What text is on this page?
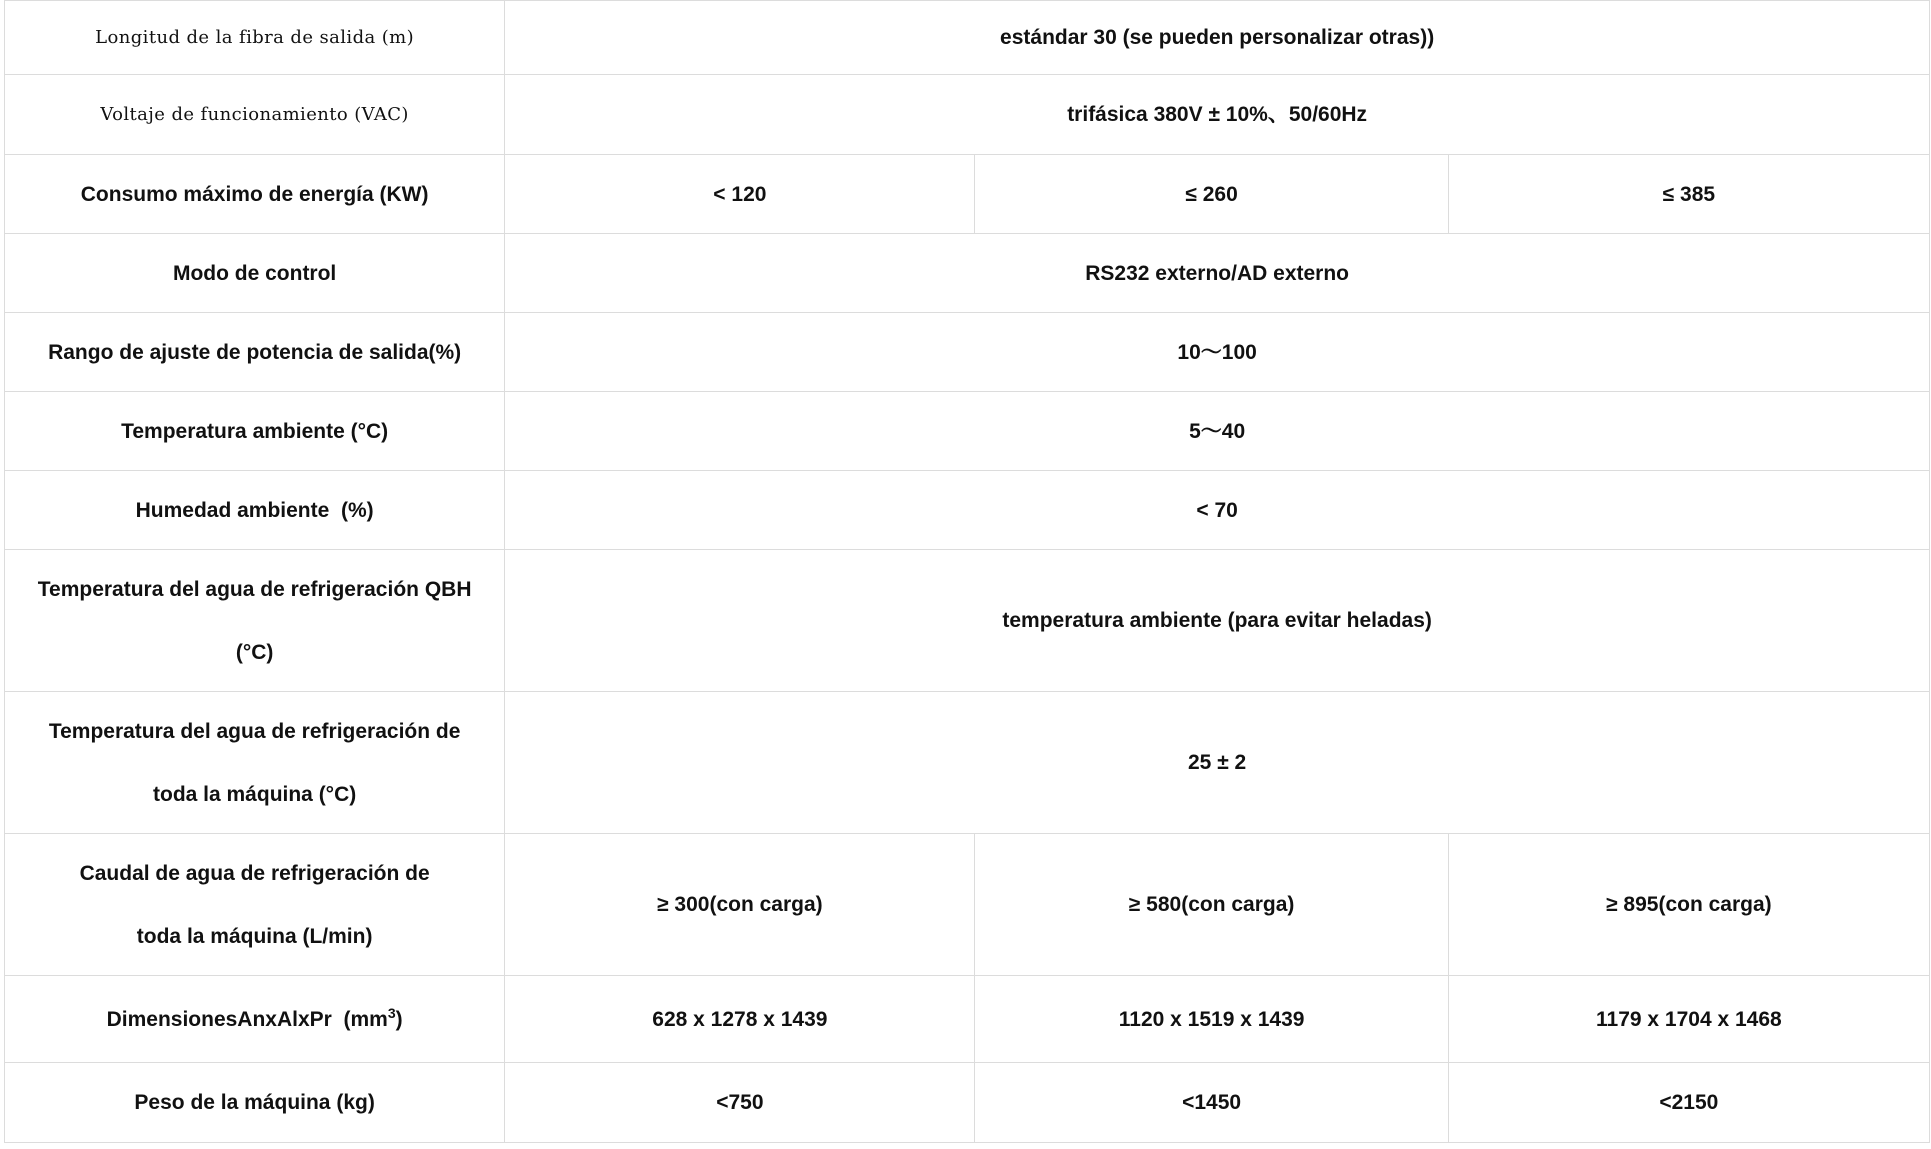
Longitud de la fibra de salida (m)	estándar 30 (se pueden personalizar otras))		
Voltaje de funcionamiento (VAC)	trifásica 380V ± 10%、50/60Hz		
Consumo máximo de energía (KW)	< 120	≤ 260	≤ 385
Modo de control	RS232 externo/AD externo		
Rango de ajuste de potencia de salida(%)	10～100		
Temperatura ambiente (°C)	5～40		
Humedad ambiente  (%)	< 70		

Temperatura del agua de refrigeración QBH
(°C)	temperatura ambiente (para evitar heladas)		

Temperatura del agua de refrigeración de
toda la máquina (°C)	25 ± 2		

Caudal de agua de refrigeración de
toda la máquina (L/min)	≥ 300(con carga)	≥ 580(con carga)	≥ 895(con carga)
DimensionesAnxAlxPr  $(mm^3)$	628 x 1278 x 1439	1120 x 1519 x 1439	1179 x 1704 x 1468
Peso de la máquina (kg)	<750	<1450	<2150
